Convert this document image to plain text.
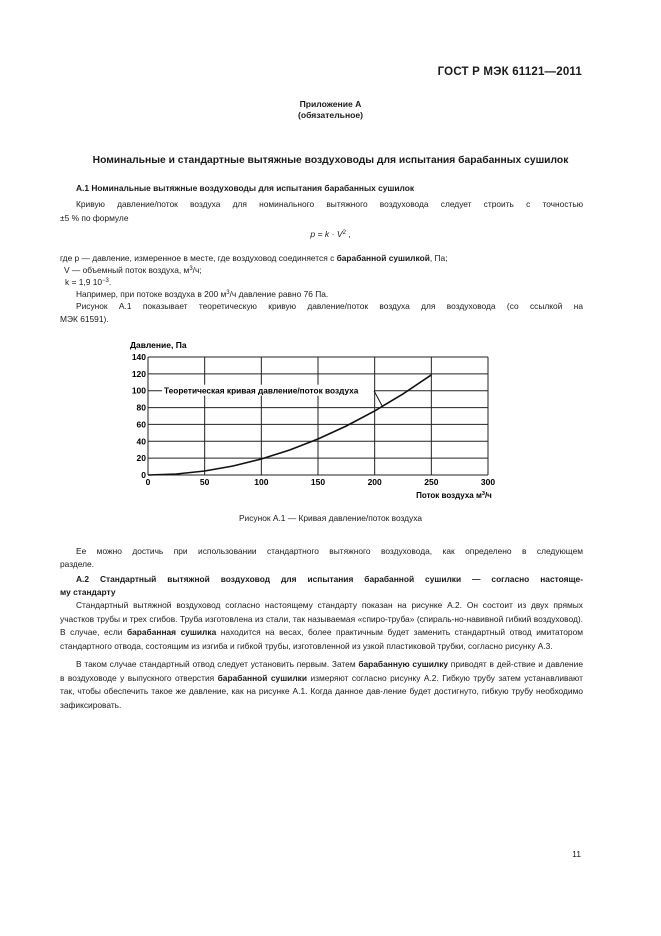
ГОСТ Р МЭК 61121—2011
Приложение А
(обязательное)
Номинальные и стандартные вытяжные воздуховоды для испытания барабанных сушилок
А.1 Номинальные вытяжные воздуховоды для испытания барабанных сушилок
Кривую давление/поток воздуха для номинального вытяжного воздуховода следует строить с точностью
±5 % по формуле
$p = k \cdot V^2$ ,
где p — давление, измеренное в месте, где воздуховод соединяется с барабанной сушилкой, Па;
V — объемный поток воздуха, $м^3/ч$;
k = 1,9 $10^{-3}$.
Например, при потоке воздуха в 200 $м^3/ч$ давление равно 76 Па.
Рисунок А.1 показывает теоретическую кривую давление/поток воздуха для воздуховода (со ссылкой на
МЭК 61591).
Давление, Па
0
20
40
60
80
100
120
140
0	50	100	150	200	250	300
Теоретическая кривая давление/поток воздуха
Поток воздуха $м^3/ч$
Рисунок А.1 — Кривая давление/поток воздуха
Ее можно достичь при использовании стандартного вытяжного воздуховода, как определено в следующем
разделе.
А.2 Стандартный вытяжной воздуховод для испытания барабанной сушилки — согласно настояще-
му стандарту
Стандартный вытяжной воздуховод согласно настоящему стандарту показан на рисунке А.2. Он состоит из двух прямых участков трубы и трех сгибов. Труба изготовлена из стали, так называемая «спиро-труба» (спираль-но-навивной гибкий воздуховод). В случае, если барабанная сушилка находится на весах, более практичным будет заменить стандартный отвод имитатором стандартного отвода, состоящим из изгиба и гибкой трубы, изготовленной из узкой пластиковой трубки, согласно рисунку А.3.
В таком случае стандартный отвод следует установить первым. Затем барабанную сушилку приводят в дей-ствие и давление в воздуховоде у выпускного отверстия барабанной сушилки измеряют согласно рисунку А.2. Гибкую трубу затем устанавливают так, чтобы обеспечить такое же давление, как на рисунке А.1. Когда данное дав-ление будет достигнуто, гибкую трубу необходимо зафиксировать.
11
